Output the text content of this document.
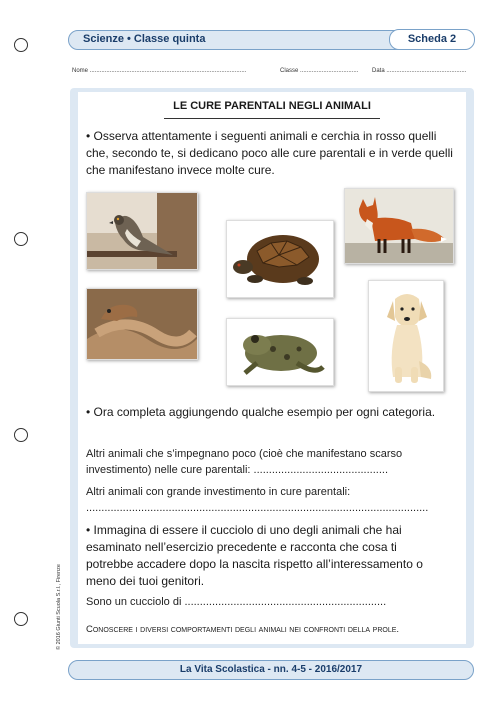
Scienze • Classe quinta	Scheda 2
Nome ..............................................................................................	Classe ................................... Data ................................................
LE CURE PARENTALI NEGLI ANIMALI
• Osserva attentamente i seguenti animali e cerchia in rosso quelli che, secondo te, si dedicano poco alle cure parentali e in verde quelli che manifestano invece molte cure.
• Ora completa aggiungendo qualche esempio per ogni categoria.
Altri animali che s’impegnano poco (cioè che manifestano scarso investimento) nelle cure parentali: ............................................
Altri animali con grande investimento in cure parentali: ................................................................................................................
• Immagina di essere il cucciolo di uno degli animali che hai esaminato nell’esercizio precedente e racconta che cosa ti potrebbe accadere dopo la nascita rispetto all’interessamento o meno dei tuoi genitori.
Sono un cucciolo di ..................................................................
Conoscere i diversi comportamenti degli animali nei confronti della prole.
© 2016 Giunti Scuola S.r.l., Firenze
La Vita Scolastica - nn. 4-5 - 2016/2017
